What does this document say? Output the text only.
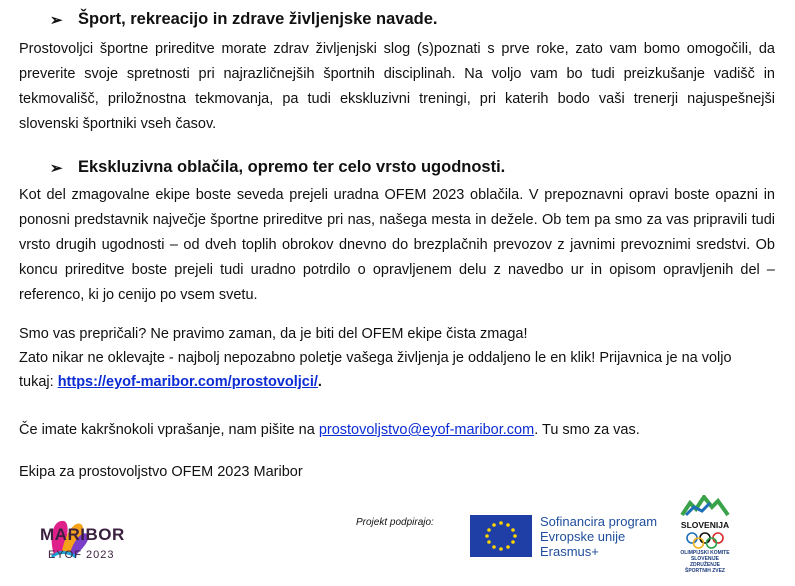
➢ Šport, rekreacijo in zdrave življenjske navade.

Prostovoljci športne prireditve morate zdrav življenjski slog (s)poznati s prve roke, zato vam bomo omogočili, da preverite svoje spretnosti pri najrazličnejših športnih disciplinah. Na voljo vam bo tudi preizkušanje vadišč in tekmovališč, priložnostna tekmovanja, pa tudi ekskluzivni treningi, pri katerih bodo vaši trenerji najuspešnejši slovenski športniki vseh časov.

➢ Ekskluzivna oblačila, opremo ter celo vrsto ugodnosti.

Kot del zmagovalne ekipe boste seveda prejeli uradna OFEM 2023 oblačila. V prepoznavni opravi boste opazni in ponosni predstavnik največje športne prireditve pri nas, našega mesta in dežele. Ob tem pa smo za vas pripravili tudi vrsto drugih ugodnosti – od dveh toplih obrokov dnevno do brezplačnih prevozov z javnimi prevoznimi sredstvi. Ob koncu prireditve boste prejeli tudi uradno potrdilo o opravljenem delu z navedbo ur in opisom opravljenih del – referenco, ki jo cenijo po vsem svetu.

Smo vas prepričali? Ne pravimo zaman, da je biti del OFEM ekipe čista zmaga!
Zato nikar ne oklevajte - najbolj nepozabno poletje vašega življenja je oddaljeno le en klik! Prijavnica je na voljo
tukaj: https://eyof-maribor.com/prostovoljci/.
Če imate kakršnokoli vprašanje, nam pišite na prostovoljstvo@eyof-maribor.com. Tu smo za vas.
Ekipa za prostovoljstvo OFEM 2023 Maribor
MARIBOR
EYOF 2023
Projekt podpirajo:	Sofinancira program
Evropske unije
Erasmus+
SLOVENIJA
OLIMPIJSKI KOMITE
SLOVENIJE
ZDRUŽENJE
ŠPORTNIH ZVEZ
